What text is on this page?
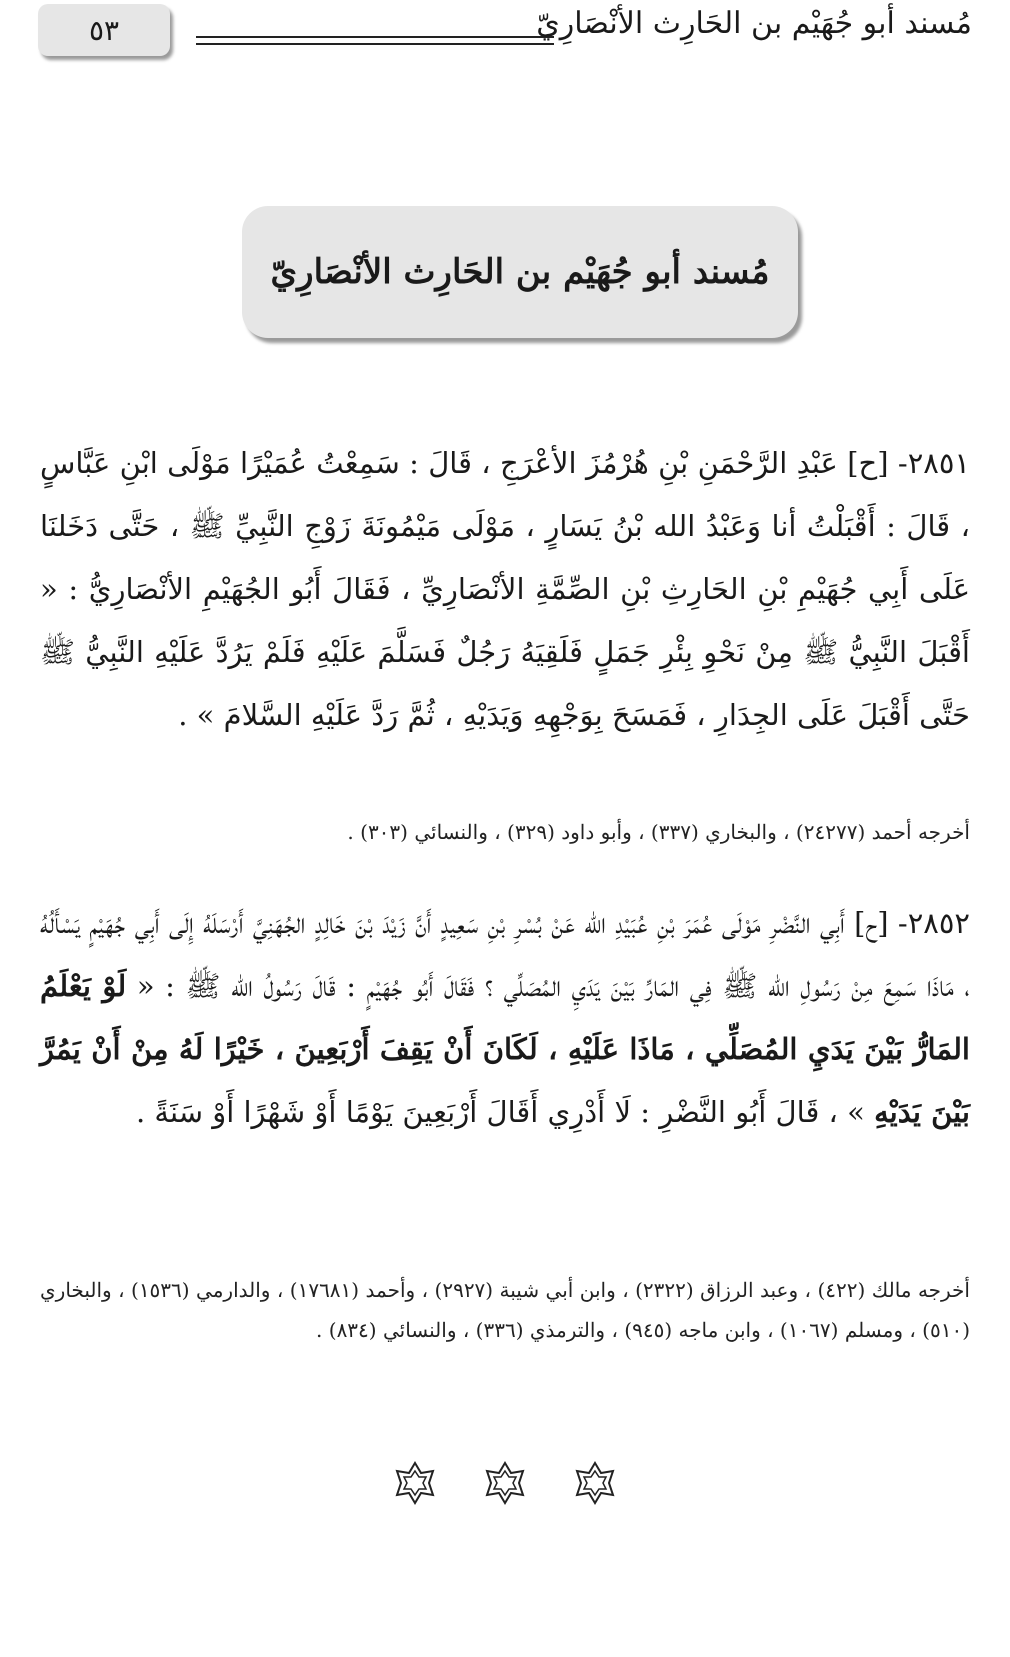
٥٣	مُسند أبو جُهَيْم بن الحَارِث الأنْصَارِيّ
مُسند أبو جُهَيْم بن الحَارِث الأنْصَارِيّ
٢٨٥١- [ح] عَبْدِ الرَّحْمَنِ بْنِ هُرْمُزَ الأعْرَجِ ، قَالَ : سَمِعْتُ عُمَيْرًا مَوْلَى ابْنِ عَبَّاسٍ ، قَالَ : أَقْبَلْتُ أنا وَعَبْدُ الله بْنُ يَسَارٍ ، مَوْلَى مَيْمُونَةَ زَوْجِ النَّبِيِّ ﷺ ، حَتَّى دَخَلنَا عَلَى أَبِي جُهَيْمِ بْنِ الحَارِثِ بْنِ الصِّمَّةِ الأنْصَارِيِّ ، فَقَالَ أَبُو الجُهَيْمِ الأنْصَارِيُّ : « أَقْبَلَ النَّبِيُّ ﷺ مِنْ نَحْوِ بِئْرِ جَمَلٍ فَلَقِيَهُ رَجُلٌ فَسَلَّمَ عَلَيْهِ فَلَمْ يَرُدَّ عَلَيْهِ النَّبِيُّ ﷺ حَتَّى أَقْبَلَ عَلَى الجِدَارِ ، فَمَسَحَ بِوَجْهِهِ وَيَدَيْهِ ، ثُمَّ رَدَّ عَلَيْهِ السَّلامَ » .
أخرجه أحمد (٢٤٢٧٧) ، والبخاري (٣٣٧) ، وأبو داود (٣٢٩) ، والنسائي (٣٠٣) .
٢٨٥٢- [ح] أَبِي النَّضْرِ مَوْلَى عُمَرَ بْنِ عُبَيْدِ الله عَنْ بُسْرِ بْنِ سَعِيدٍ أَنَّ زَيْدَ بْنَ خَالِدٍ الجُهَنِيَّ أَرْسَلَهُ إِلَى أَبِي جُهَيْمٍ يَسْأَلُهُ ، مَاذَا سَمِعَ مِنْ رَسُولِ الله ﷺ فِي المَارِّ بَيْنَ يَدَيِ المُصَلِّي ؟ فَقَالَ أَبُو جُهَيْمٍ : قَالَ رَسُولُ الله ﷺ : « لَوْ يَعْلَمُ المَارُّ بَيْنَ يَدَيِ المُصَلِّي ، مَاذَا عَلَيْهِ ، لَكَانَ أَنْ يَقِفَ أَرْبَعِينَ ، خَيْرًا لَهُ مِنْ أَنْ يَمُرَّ بَيْنَ يَدَيْهِ » ، قَالَ أَبُو النَّضْرِ : لَا أَدْرِي أَقَالَ أَرْبَعِينَ يَوْمًا أَوْ شَهْرًا أَوْ سَنَةً .
أخرجه مالك (٤٢٢) ، وعبد الرزاق (٢٣٢٢) ، وابن أبي شيبة (٢٩٢٧) ، وأحمد (١٧٦٨١) ، والدارمي (١٥٣٦) ، والبخاري (٥١٠) ، ومسلم (١٠٦٧) ، وابن ماجه (٩٤٥) ، والترمذي (٣٣٦) ، والنسائي (٨٣٤) .
